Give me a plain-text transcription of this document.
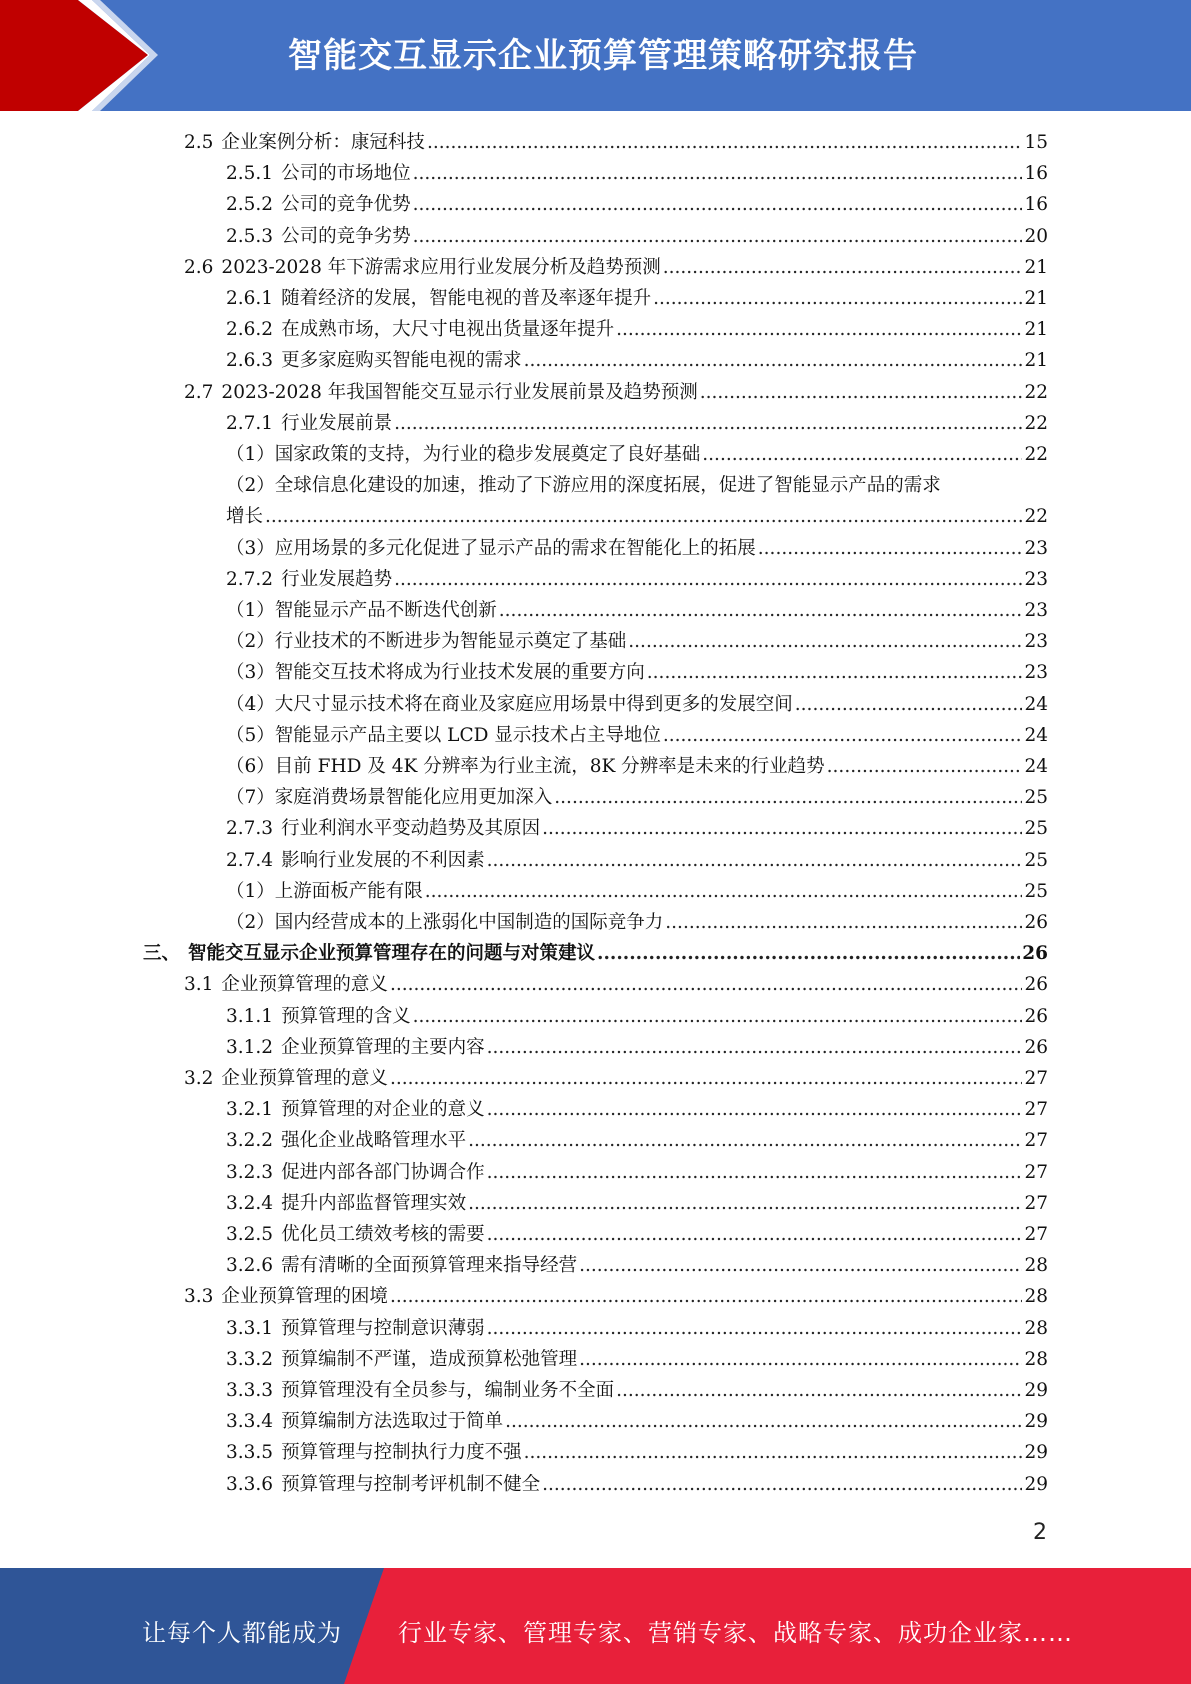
智能交互显示企业预算管理策略研究报告
2.5 企业案例分析：康冠科技 .....	15
2.5.1 公司的市场地位 .....	16
2.5.2 公司的竞争优势 .....	16
2.5.3 公司的竞争劣势 .....	20
2.6 2023-2028 年下游需求应用行业发展分析及趋势预测 .....	21
2.6.1 随着经济的发展，智能电视的普及率逐年提升 .....	21
2.6.2 在成熟市场，大尺寸电视出货量逐年提升 .....	21
2.6.3 更多家庭购买智能电视的需求 .....	21
2.7 2023-2028 年我国智能交互显示行业发展前景及趋势预测 .....	22
2.7.1 行业发展前景 .....	22
（1） 国家政策的支持，为行业的稳步发展奠定了良好基础 .....	22
（2） 全球信息化建设的加速，推动了下游应用的深度拓展，促进了智能显示产品的需求
增长 .....	22
（3） 应用场景的多元化促进了显示产品的需求在智能化上的拓展 .....	23
2.7.2 行业发展趋势 .....	23
（1） 智能显示产品不断迭代创新 .....	23
（2） 行业技术的不断进步为智能显示奠定了基础 .....	23
（3） 智能交互技术将成为行业技术发展的重要方向 .....	23
（4） 大尺寸显示技术将在商业及家庭应用场景中得到更多的发展空间 .....	24
（5） 智能显示产品主要以 LCD 显示技术占主导地位 .....	24
（6） 目前 FHD 及 4K 分辨率为行业主流，8K 分辨率是未来的行业趋势 .....	24
（7） 家庭消费场景智能化应用更加深入 .....	25
2.7.3 行业利润水平变动趋势及其原因 .....	25
2.7.4 影响行业发展的不利因素 .....	25
（1） 上游面板产能有限 .....	25
（2） 国内经营成本的上涨弱化中国制造的国际竞争力 .....	26
三、 智能交互显示企业预算管理存在的问题与对策建议 .....	26
3.1 企业预算管理的意义 .....	26
3.1.1 预算管理的含义 .....	26
3.1.2 企业预算管理的主要内容 .....	26
3.2 企业预算管理的意义 .....	27
3.2.1 预算管理的对企业的意义 .....	27
3.2.2 强化企业战略管理水平 .....	27
3.2.3 促进内部各部门协调合作 .....	27
3.2.4 提升内部监督管理实效 .....	27
3.2.5 优化员工绩效考核的需要 .....	27
3.2.6 需有清晰的全面预算管理来指导经营 .....	28
3.3 企业预算管理的困境 .....	28
3.3.1 预算管理与控制意识薄弱 .....	28
3.3.2 预算编制不严谨，造成预算松弛管理 .....	28
3.3.3 预算管理没有全员参与，编制业务不全面 .....	29
3.3.4 预算编制方法选取过于简单 .....	29
3.3.5 预算管理与控制执行力度不强 .....	29
3.3.6 预算管理与控制考评机制不健全 .....	29
2
让每个人都能成为 行业专家、管理专家、营销专家、战略专家、成功企业家……
